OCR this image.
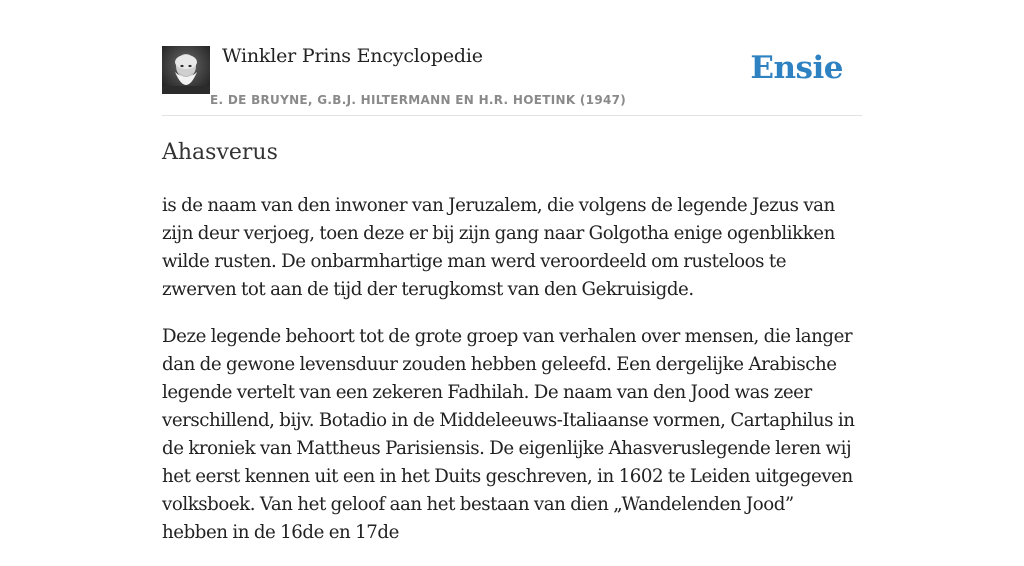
Winkler Prins Encyclopedie
E. DE BRUYNE, G.B.J. HILTERMANN EN H.R. HOETINK (1947)
Ensie
Ahasverus

is de naam van den inwoner van Jeruzalem, die volgens de legende Jezus van zijn deur verjoeg, toen deze er bij zijn gang naar Golgotha enige ogenblikken wilde rusten. De onbarmhartige man werd veroordeeld om rusteloos te zwerven tot aan de tijd der terugkomst van den Gekruisigde.

Deze legende behoort tot de grote groep van verhalen over mensen, die langer dan de gewone levensduur zouden hebben geleefd. Een dergelijke Arabische legende vertelt van een zekeren Fadhilah. De naam van den Jood was zeer verschillend, bijv. Botadio in de Middeleeuws-Italiaanse vormen, Cartaphilus in de kroniek van Mattheus Parisiensis. De eigenlijke Ahasveruslegende leren wij het eerst kennen uit een in het Duits geschreven, in 1602 te Leiden uitgegeven volksboek. Van het geloof aan het bestaan van dien „Wandelenden Jood” hebben in de 16de en 17de
